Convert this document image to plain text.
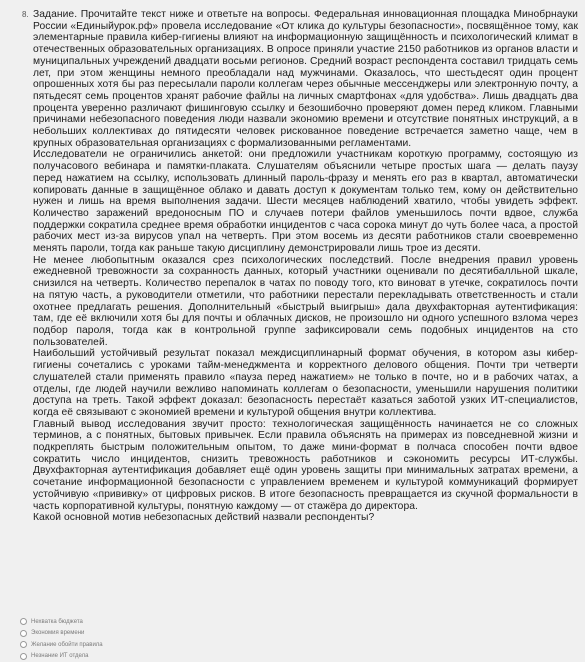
8. Задание. Прочитайте текст ниже и ответьте на вопросы. Федеральная инновационная площадка Минобрнауки России «Единыйурок.рф» провела исследование «От клика до культуры безопасности», посвящённое тому, как элементарные правила кибер-гигиены влияют на информационную защищённость и психологический климат в отечественных образовательных организациях. В опросе приняли участие 2150 работников из органов власти и муниципальных учреждений двадцати восьми регионов. Средний возраст респондента составил тридцать семь лет, при этом женщины немного преобладали над мужчинами. Оказалось, что шестьдесят один процент опрошенных хотя бы раз пересылали пароли коллегам через обычные мессенджеры или электронную почту, а пятьдесят семь процентов хранят рабочие файлы на личных смартфонах «для удобства». Лишь двадцать два процента уверенно различают фишинговую ссылку и безошибочно проверяют домен перед кликом. Главными причинами небезопасного поведения люди назвали экономию времени и отсутствие понятных инструкций, а в небольших коллективах до пятидесяти человек рискованное поведение встречается заметно чаще, чем в крупных образовательная организациях с формализованными регламентами.

Исследователи не ограничились анкетой: они предложили участникам короткую программу, состоящую из получасового вебинара и памятки-плаката. Слушателям объяснили четыре простых шага — делать паузу перед нажатием на ссылку, использовать длинный пароль-фразу и менять его раз в квартал, автоматически копировать данные в защищённое облако и давать доступ к документам только тем, кому он действительно нужен и лишь на время выполнения задачи. Шести месяцев наблюдений хватило, чтобы увидеть эффект. Количество заражений вредоносным ПО и случаев потери файлов уменьшилось почти вдвое, служба поддержки сократила среднее время обработки инцидентов с часа сорока минут до чуть более часа, а простой рабочих мест из-за вирусов упал на четверть. При этом восемь из десяти работников стали своевременно менять пароли, тогда как раньше такую дисциплину демонстрировали лишь трое из десяти.

Не менее любопытным оказался срез психологических последствий. После внедрения правил уровень ежедневной тревожности за сохранность данных, который участники оценивали по десятибалльной шкале, снизился на четверть. Количество перепалок в чатах по поводу того, кто виноват в утечке, сократилось почти на пятую часть, а руководители отметили, что работники перестали перекладывать ответственность и стали охотнее предлагать решения. Дополнительный «быстрый выигрыш» дала двухфакторная аутентификация: там, где её включили хотя бы для почты и облачных дисков, не произошло ни одного успешного взлома через подбор пароля, тогда как в контрольной группе зафиксировали семь подобных инцидентов на сто пользователей.

Наибольший устойчивый результат показал междисциплинарный формат обучения, в котором азы кибер-гигиены сочетались с уроками тайм-менеджмента и корректного делового общения. Почти три четверти слушателей стали применять правило «пауза перед нажатием» не только в почте, но и в рабочих чатах, а отделы, где людей научили вежливо напоминать коллегам о безопасности, уменьшили нарушения политики доступа на треть. Такой эффект доказал: безопасность перестаёт казаться заботой узких ИТ-специалистов, когда её связывают с экономией времени и культурой общения внутри коллектива.

Главный вывод исследования звучит просто: технологическая защищённость начинается не со сложных терминов, а с понятных, бытовых привычек. Если правила объяснять на примерах из повседневной жизни и подкреплять быстрым положительным опытом, то даже мини-формат в полчаса способен почти вдвое сократить число инцидентов, снизить тревожность работников и сэкономить ресурсы ИТ-службы. Двухфакторная аутентификация добавляет ещё один уровень защиты при минимальных затратах времени, а сочетание информационной безопасности с управлением временем и культурой коммуникаций формирует устойчивую «прививку» от цифровых рисков. В итоге безопасность превращается из скучной формальности в часть корпоративной культуры, понятную каждому — от стажёра до директора.

Какой основной мотив небезопасных действий назвали респонденты?

Нехватка бюджета
Экономия времени
Желание обойти правила
Незнание ИТ отдела
